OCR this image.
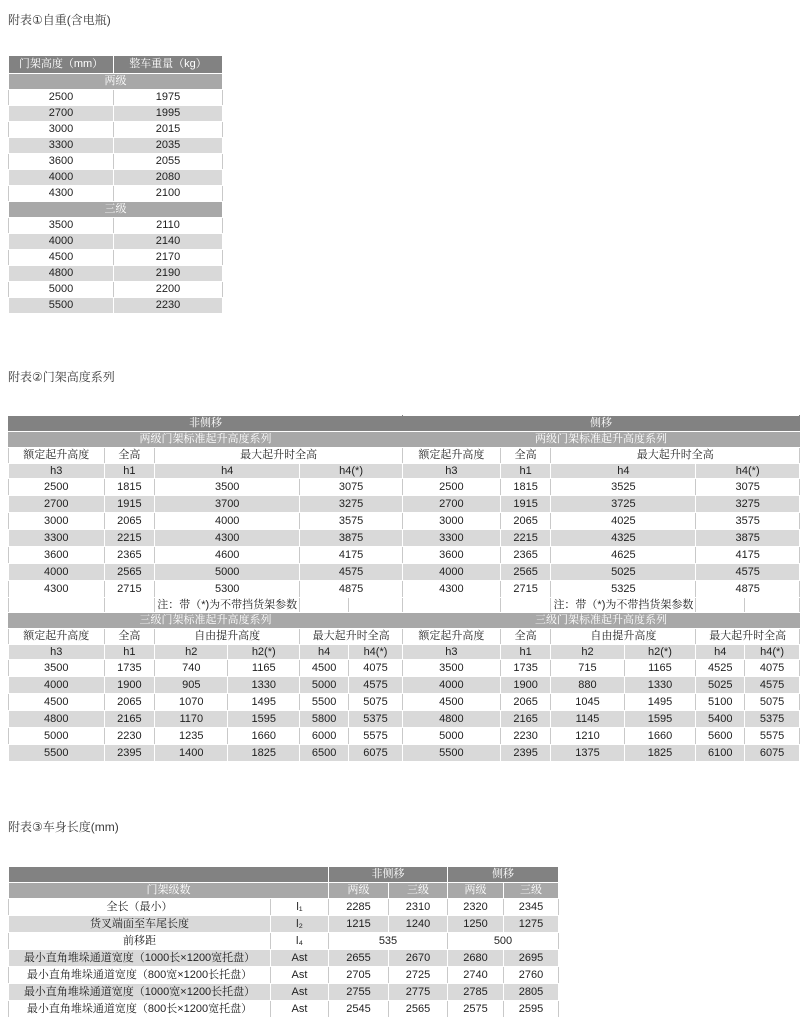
附表①自重(含电瓶)
门架高度（mm）	整车重量（kg）
两级	
2500	1975
2700	1995
3000	2015
3300	2035
3600	2055
4000	2080
4300	2100
三级	
3500	2110
4000	2140
4500	2170
4800	2190
5000	2200
5500	2230
附表②门架高度系列
非侧移						侧移					
两级门架标准起升高度系列						两级门架标准起升高度系列					
额定起升高度	全高	最大起升时全高				额定起升高度	全高	最大起升时全高			
h3	h1	h4		h4(*)		h3	h1	h4		h4(*)	
2500	1815	3500		3075		2500	1815	3525		3075	
2700	1915	3700		3275		2700	1915	3725		3275	
3000	2065	4000		3575		3000	2065	4025		3575	
3300	2215	4300		3875		3300	2215	4325		3875	
3600	2365	4600		4175		3600	2365	4625		4175	
4000	2565	5000		4575		4000	2565	5025		4575	
4300	2715	5300		4875		4300	2715	5325		4875	
		注：带（*)为不带挡货架参数						注：带（*)为不带挡货架参数			
三级门架标准起升高度系列						三级门架标准起升高度系列					
额定起升高度	全高	自由提升高度		最大起升时全高		额定起升高度	全高	自由提升高度		最大起升时全高	
h3	h1	h2	h2(*)	h4	h4(*)	h3	h1	h2	h2(*)	h4	h4(*)
3500	1735	740	1165	4500	4075	3500	1735	715	1165	4525	4075
4000	1900	905	1330	5000	4575	4000	1900	880	1330	5025	4575
4500	2065	1070	1495	5500	5075	4500	2065	1045	1495	5100	5075
4800	2165	1170	1595	5800	5375	4800	2165	1145	1595	5400	5375
5000	2230	1235	1660	6000	5575	5000	2230	1210	1660	5600	5575
5500	2395	1400	1825	6500	6075	5500	2395	1375	1825	6100	6075
附表③车身长度(mm)
		非侧移		侧移	
门架级数		两级	三级	两级	三级
全长（最小）	l₁	2285	2310	2320	2345
货叉端面至车尾长度	l₂	1215	1240	1250	1275
前移距	l₄	535		500	
最小直角堆垛通道宽度（1000长×1200宽托盘）	Ast	2655	2670	2680	2695
最小直角堆垛通道宽度（800宽×1200长托盘）	Ast	2705	2725	2740	2760
最小直角堆垛通道宽度（1000宽×1200长托盘）	Ast	2755	2775	2785	2805
最小直角堆垛通道宽度（800长×1200宽托盘）	Ast	2545	2565	2575	2595
